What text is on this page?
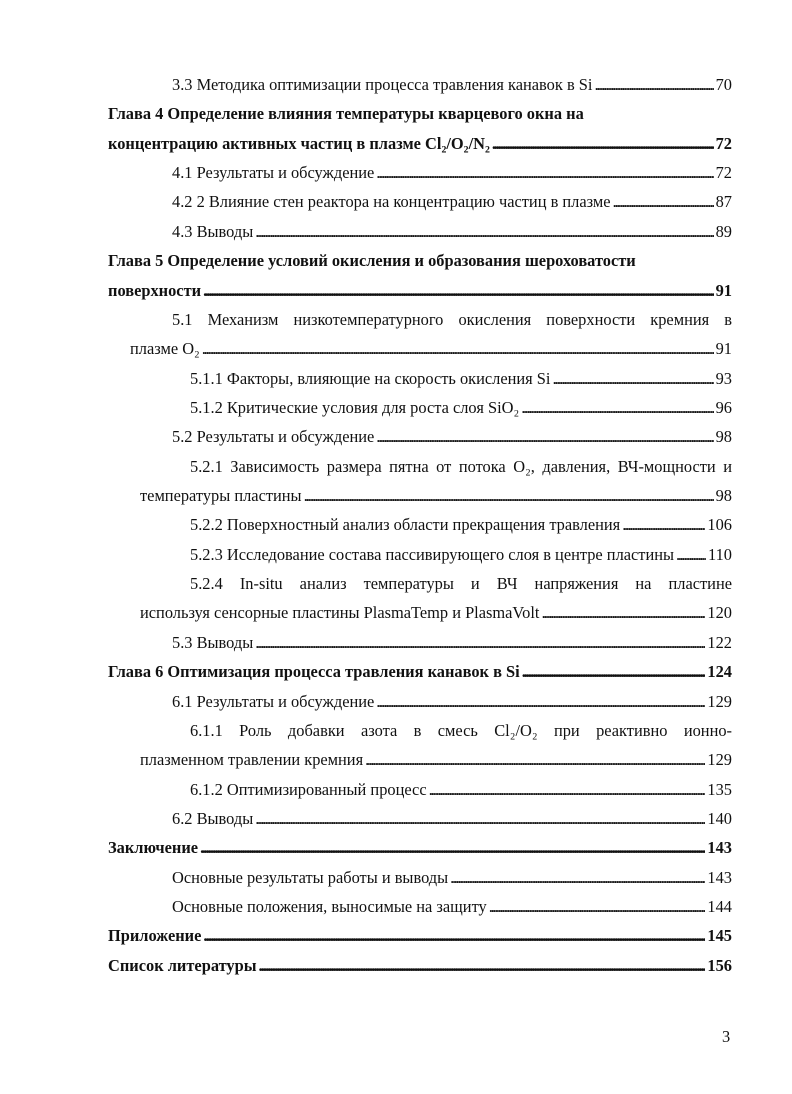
3.3 Методика оптимизации процесса травления канавок в Si . . .	70
Глава 4 Определение влияния температуры кварцевого окна на
концентрацию активных частиц в плазме Cl₂/O₂/N₂ . . .	72
4.1 Результаты и обсуждение . . .	72
4.2 2 Влияние стен реактора на концентрацию частиц в плазме . . .	87
4.3 Выводы . . .	89
Глава 5 Определение условий окисления и образования шероховатости
поверхности . . .	91
5.1 Механизм низкотемпературного окисления поверхности кремния в
плазме O₂ . . .	91
5.1.1 Факторы, влияющие на скорость окисления Si . . .	93
5.1.2 Критические условия для роста слоя SiO₂ . . .	96
5.2 Результаты и обсуждение . . .	98
5.2.1 Зависимость размера пятна от потока O₂, давления, ВЧ-мощности и
температуры пластины . . .	98
5.2.2 Поверхностный анализ области прекращения травления . . .	106
5.2.3 Исследование состава пассивирующего слоя в центре пластины . . . 110
5.2.4 In-situ анализ температуры и ВЧ напряжения на пластине
используя сенсорные пластины PlasmaTemp и PlasmaVolt . . .	120
5.3 Выводы . . .	122
Глава 6 Оптимизация процесса травления канавок в Si . . .	124
6.1 Результаты и обсуждение . . .	129
6.1.1 Роль добавки азота в смесь Cl₂/O₂ при реактивно ионно-
плазменном травлении кремния . . .	129
6.1.2 Оптимизированный процесс . . .	135
6.2 Выводы . . .	140
Заключение . . .	143
Основные результаты работы и выводы . . .	143
Основные положения, выносимые на защиту . . .	144
Приложение . . .	145
Список литературы . . .	156
3
